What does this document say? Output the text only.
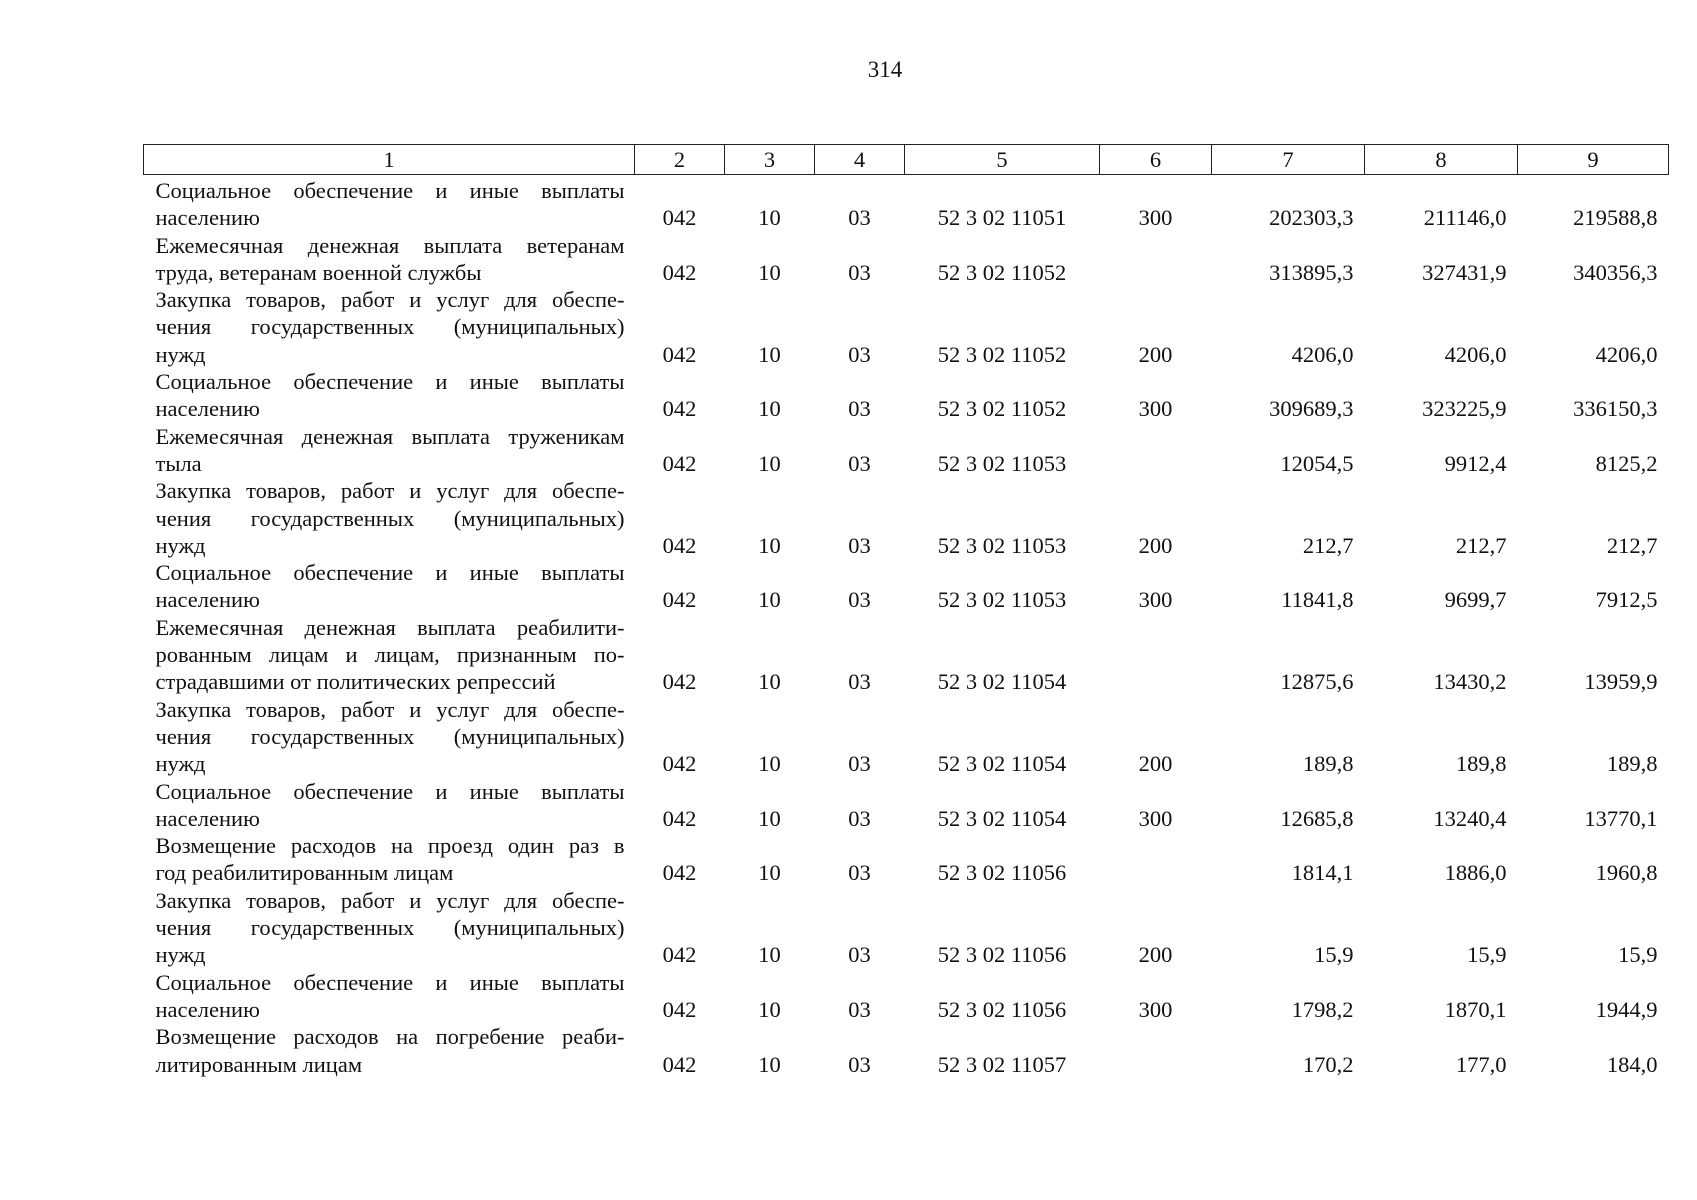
314
1	2	3	4	5	6	7	8	9

Социальное обеспечение и иные выплаты
населению	042	10	03	52 3 02 11051	300	202303,3	211146,0	219588,8

Ежемесячная денежная выплата ветеранам
труда, ветеранам военной службы	042	10	03	52 3 02 11052		313895,3	327431,9	340356,3

Закупка товаров, работ и услуг для обеспе-
чения государственных (муниципальных)
нужд	042	10	03	52 3 02 11052	200	4206,0	4206,0	4206,0

Социальное обеспечение и иные выплаты
населению	042	10	03	52 3 02 11052	300	309689,3	323225,9	336150,3

Ежемесячная денежная выплата труженикам
тыла	042	10	03	52 3 02 11053		12054,5	9912,4	8125,2

Закупка товаров, работ и услуг для обеспе-
чения государственных (муниципальных)
нужд	042	10	03	52 3 02 11053	200	212,7	212,7	212,7

Социальное обеспечение и иные выплаты
населению	042	10	03	52 3 02 11053	300	11841,8	9699,7	7912,5

Ежемесячная денежная выплата реабилити-
рованным лицам и лицам, признанным по-
страдавшими от политических репрессий	042	10	03	52 3 02 11054		12875,6	13430,2	13959,9

Закупка товаров, работ и услуг для обеспе-
чения государственных (муниципальных)
нужд	042	10	03	52 3 02 11054	200	189,8	189,8	189,8

Социальное обеспечение и иные выплаты
населению	042	10	03	52 3 02 11054	300	12685,8	13240,4	13770,1

Возмещение расходов на проезд один раз в
год реабилитированным лицам	042	10	03	52 3 02 11056		1814,1	1886,0	1960,8

Закупка товаров, работ и услуг для обеспе-
чения государственных (муниципальных)
нужд	042	10	03	52 3 02 11056	200	15,9	15,9	15,9

Социальное обеспечение и иные выплаты
населению	042	10	03	52 3 02 11056	300	1798,2	1870,1	1944,9

Возмещение расходов на погребение реаби-
литированным лицам	042	10	03	52 3 02 11057		170,2	177,0	184,0
